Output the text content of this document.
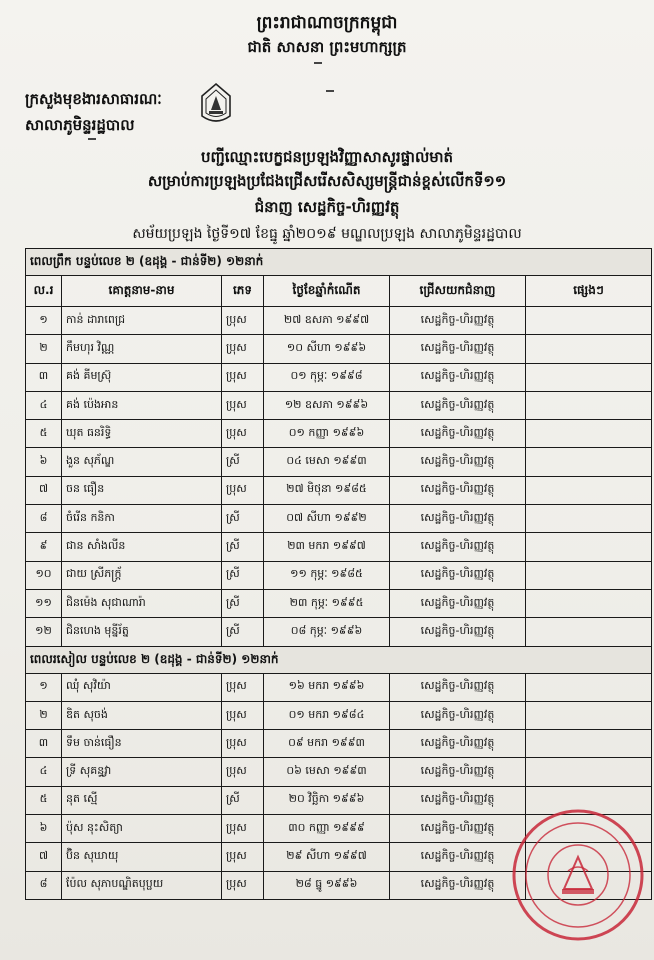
ព្រះរាជាណាចក្រកម្ពុជា
ជាតិ សាសនា ព្រះមហាក្សត្រ
ក្រសួងមុខងារសាធារណៈ
សាលាភូមិន្ទរដ្ឋបាល
បញ្ជីឈ្មោះបេក្ខជនប្រឡងវិញ្ញាសាសូរផ្ទាល់មាត់
សម្រាប់ការប្រឡងប្រជែងជ្រើសរើសសិស្សមន្ត្រីជាន់ខ្ពស់លើកទី១១
ជំនាញ សេដ្ឋកិច្ច-ហិរញ្ញវត្ថុ
សម័យប្រឡង ថ្ងៃទី១៧ ខែធ្នូ ឆ្នាំ២០១៩ មណ្ឌលប្រឡង សាលាភូមិន្ទរដ្ឋបាល
ពេលព្រឹក បន្ទប់លេខ ២ (ឧដុង្គ - ជាន់ទី២) ១២នាក់					
ល.រ	គោត្តនាម-នាម	ភេទ	ថ្ងៃខែឆ្នាំកំណើត	ជ្រើសយកជំនាញ	ផ្សេងៗ
១	កាន់ ដារាពេជ្រ	ប្រុស	២៧ ឧសភា ១៩៩៧	សេដ្ឋកិច្ច-ហិរញ្ញវត្ថុ	
២	កឹមហុរ វិណ្ណ	ប្រុស	១០ សីហា ១៩៩៦	សេដ្ឋកិច្ច-ហិរញ្ញវត្ថុ	
៣	គង់ គីមស្រ៊ុ	ប្រុស	០១ កុម្ភៈ ១៩៩៨	សេដ្ឋកិច្ច-ហិរញ្ញវត្ថុ	
៤	គង់ ប៉េងអាន	ប្រុស	១២ ឧសភា ១៩៩៦	សេដ្ឋកិច្ច-ហិរញ្ញវត្ថុ	
៥	ឃុត ធនរិទ្ធិ	ប្រុស	០១ កញ្ញា ១៩៩៦	សេដ្ឋកិច្ច-ហិរញ្ញវត្ថុ	
៦	ងួន សុភ័ណ្ឌ	ស្រី	០៤ មេសា ១៩៩៣	សេដ្ឋកិច្ច-ហិរញ្ញវត្ថុ	
៧	ចន ធឿន	ប្រុស	២៧ មិថុនា ១៩៨៥	សេដ្ឋកិច្ច-ហិរញ្ញវត្ថុ	
៨	ចំរើន កនិកា	ស្រី	០៧ សីហា ១៩៩២	សេដ្ឋកិច្ច-ហិរញ្ញវត្ថុ	
៩	ជាន សាំងលីន	ស្រី	២៣ មករា ១៩៩៧	សេដ្ឋកិច្ច-ហិរញ្ញវត្ថុ	
១០	ជាយ ស្រីភក្រ្ត័	ស្រី	១១ កុម្ភៈ ១៩៨៥	សេដ្ឋកិច្ច-ហិរញ្ញវត្ថុ	
១១	ជិនម៉េង សុជាណារ៉ា	ស្រី	២៣ កុម្ភៈ ១៩៩៥	សេដ្ឋកិច្ច-ហិរញ្ញវត្ថុ	
១២	ជិនហេង មុន្នីរ័ត្ន	ស្រី	០៨ កុម្ភៈ ១៩៩៦	សេដ្ឋកិច្ច-ហិរញ្ញវត្ថុ	
ពេលរសៀល បន្ទប់លេខ ២ (ឧដុង្គ - ជាន់ទី២) ១២នាក់					
១	ឈុំ សុវិយ៉ា	ប្រុស	១៦ មករា ១៩៩៦	សេដ្ឋកិច្ច-ហិរញ្ញវត្ថុ	
២	ឌិត សុចង់	ប្រុស	០១ មករា ១៩៨៤	សេដ្ឋកិច្ច-ហិរញ្ញវត្ថុ	
៣	ទឹម ចាន់ធឿន	ប្រុស	០៩ មករា ១៩៩៣	សេដ្ឋកិច្ច-ហិរញ្ញវត្ថុ	
៤	ទ្រី សុគន្ធវ្វា	ប្រុស	០៦ មេសា ១៩៩៣	សេដ្ឋកិច្ច-ហិរញ្ញវត្ថុ	
៥	នុត ស្មើ	ស្រី	២០ វិច្ឆិកា ១៩៩៦	សេដ្ឋកិច្ច-ហិរញ្ញវត្ថុ	
៦	ប៉ុស នុះសិត្យា	ប្រុស	៣០ កញ្ញា ១៩៩៩	សេដ្ឋកិច្ច-ហិរញ្ញវត្ថុ	
៧	ប៊ិន សុឃាយុ	ប្រុស	២៩ សីហា ១៩៩៧	សេដ្ឋកិច្ច-ហិរញ្ញវត្ថុ	
៨	ប៉ែល សុភាបណ្ឌិតបុប្ផយ	ប្រុស	២៨ ធ្នូ ១៩៩៦	សេដ្ឋកិច្ច-ហិរញ្ញវត្ថុ	
